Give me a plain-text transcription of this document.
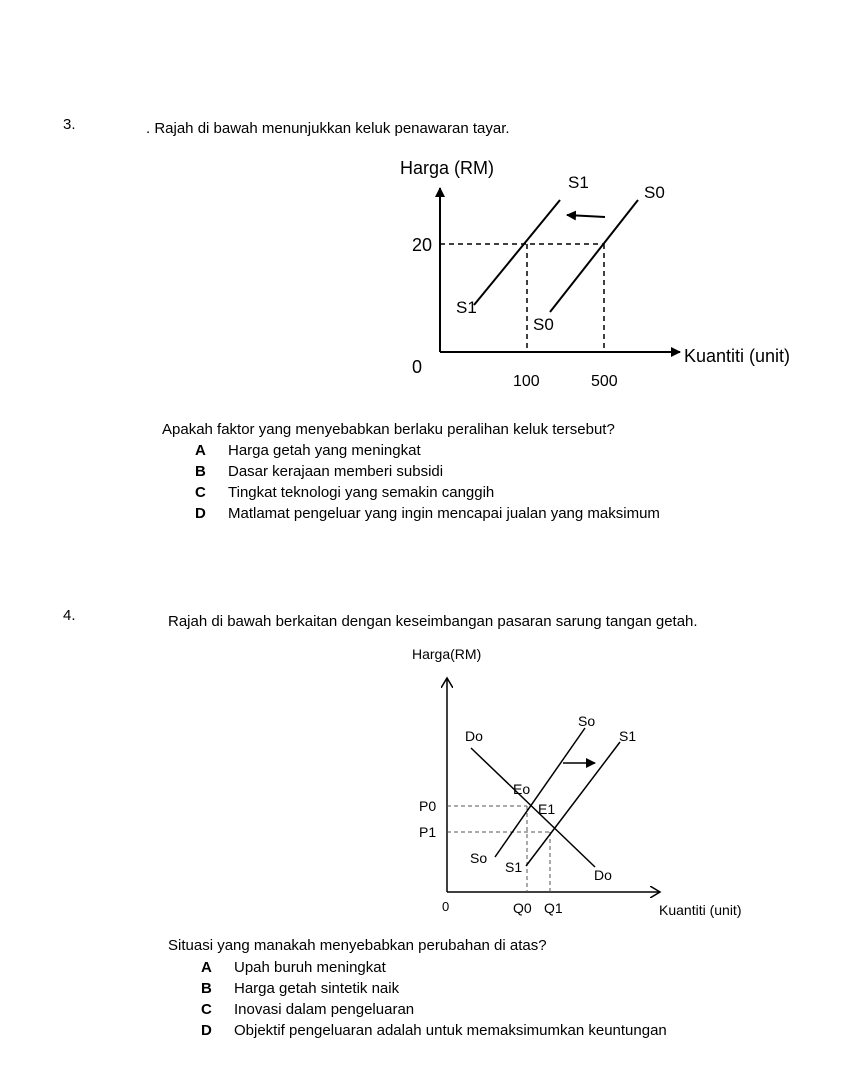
3.	. Rajah di bawah menunjukkan keluk penawaran tayar.
Harga (RM)
20
0
100	500
Kuantiti (unit)
S1
S0
S1
S0
Apakah faktor yang menyebabkan berlaku peralihan keluk tersebut?
A	Harga getah yang meningkat
B	Dasar kerajaan memberi subsidi
C	Tingkat teknologi yang semakin canggih
D	Matlamat pengeluar yang ingin mencapai jualan yang maksimum
4.	Rajah di bawah berkaitan dengan keseimbangan pasaran sarung tangan getah.
Harga(RM)
P0
P1
0	Q0 Q1	Kuantiti (unit)
Do
Do
So
S1
So
S1
Eo
E1
Situasi yang manakah menyebabkan perubahan di atas?
A	Upah buruh meningkat
B	Harga getah sintetik naik
C	Inovasi dalam pengeluaran
D	Objektif pengeluaran adalah untuk memaksimumkan keuntungan
